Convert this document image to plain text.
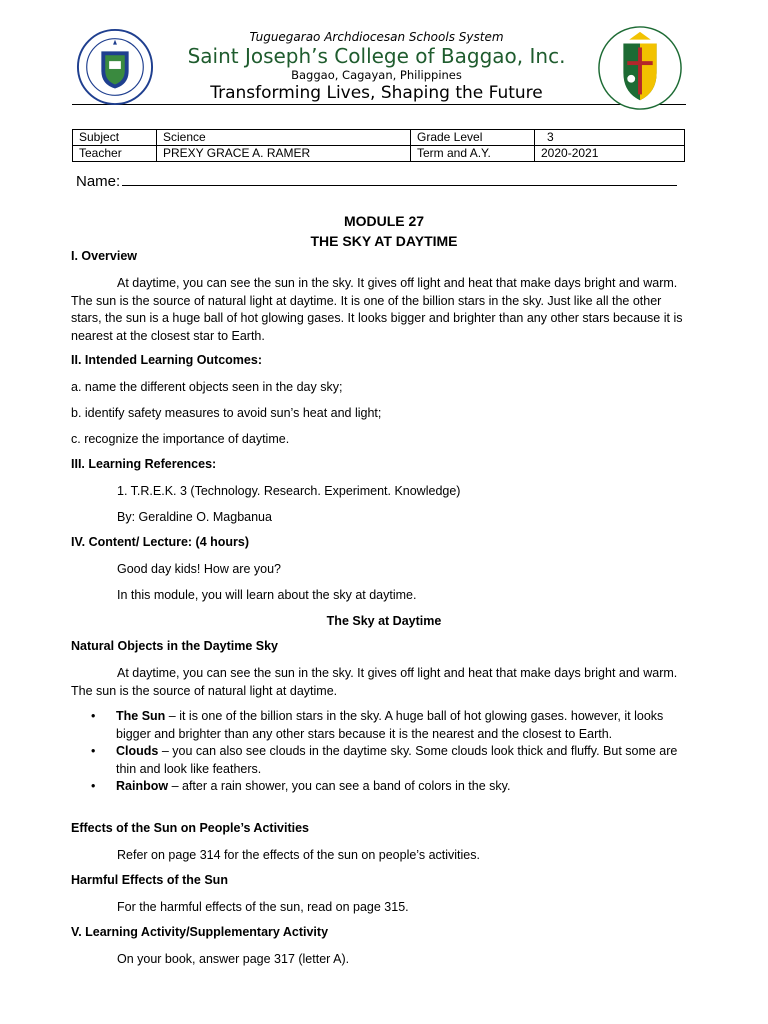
Tuguegarao Archdiocesan Schools System
Saint Joseph’s College of Baggao, Inc.
Baggao, Cagayan, Philippines
Transforming Lives, Shaping the Future
Subject	Science	Grade Level	3
Teacher	PREXY GRACE A. RAMER	Term and A.Y.	2020-2021
Name:
MODULE 27
THE SKY AT DAYTIME
I. Overview
At daytime, you can see the sun in the sky. It gives off light and heat that make days bright and warm. The sun is the source of natural light at daytime. It is one of the billion stars in the sky. Just like all the other stars, the sun is a huge ball of hot glowing gases. It looks bigger and brighter than any other stars because it is nearest at the closest star to Earth.
II. Intended Learning Outcomes:
a. name the different objects seen in the day sky;
b. identify safety measures to avoid sun’s heat and light;
c. recognize the importance of daytime.
III. Learning References:
1. T.R.E.K. 3 (Technology. Research. Experiment. Knowledge)
By: Geraldine O. Magbanua
IV. Content/ Lecture: (4 hours)
Good day kids! How are you?
In this module, you will learn about the sky at daytime.
The Sky at Daytime
Natural Objects in the Daytime Sky
At daytime, you can see the sun in the sky. It gives off light and heat that make days bright and warm. The sun is the source of natural light at daytime.
• The Sun – it is one of the billion stars in the sky. A huge ball of hot glowing gases. however, it looks bigger and brighter than any other stars because it is the nearest and the closest to Earth.
• Clouds – you can also see clouds in the daytime sky. Some clouds look thick and fluffy. But some are thin and look like feathers.
• Rainbow – after a rain shower, you can see a band of colors in the sky.
Effects of the Sun on People’s Activities
Refer on page 314 for the effects of the sun on people’s activities.
Harmful Effects of the Sun
For the harmful effects of the sun, read on page 315.
V. Learning Activity/Supplementary Activity
On your book, answer page 317 (letter A).
